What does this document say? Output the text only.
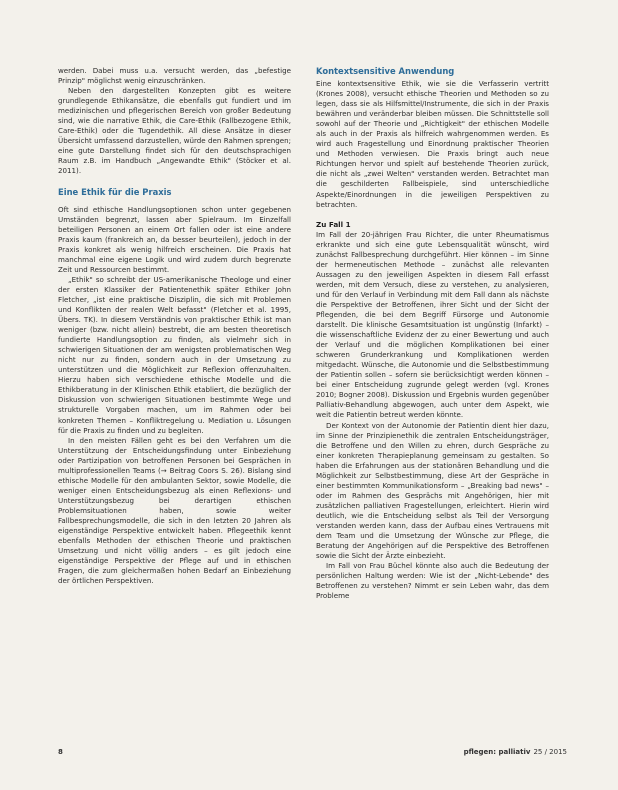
werden. Dabei muss u.a. versucht werden, das „befestige Prinzip" möglichst wenig einzuschränken.

Neben den dargestellten Konzepten gibt es weitere grundlegende Ethikansätze, die ebenfalls gut fundiert und im medizinischen und pflegerischen Bereich von großer Bedeutung sind, wie die narrative Ethik, die Care-Ethik (Fallbezogene Ethik, Care-Ethik) oder die Tugendethik. All diese Ansätze in dieser Übersicht umfassend darzustellen, würde den Rahmen sprengen; eine gute Darstellung findet sich für den deutschsprachigen Raum z.B. im Handbuch „Angewandte Ethik" (Stöcker et al. 2011).

Eine Ethik für die Praxis

Oft sind ethische Handlungsoptionen schon unter gegebenen Umständen begrenzt, lassen aber Spielraum. Im Einzelfall beteiligen Personen an einem Ort fallen oder ist eine andere Praxis kaum (frankreich an, da besser beurteilen), jedoch in der Praxis konkret als wenig hilfreich erscheinen. Die Praxis hat manchmal eine eigene Logik und wird zudem durch begrenzte Zeit und Ressourcen bestimmt.

„Ethik" so schreibt der US-amerikanische Theologe und einer der ersten Klassiker der Patientenethik später Ethiker John Fletcher, „ist eine praktische Disziplin, die sich mit Problemen und Konflikten der realen Welt befasst" (Fletcher et al. 1995, Übers. TK). In diesem Verständnis von praktischer Ethik ist man weniger (bzw. nicht allein) bestrebt, die am besten theoretisch fundierte Handlungsoption zu finden, als vielmehr sich in schwierigen Situationen der am wenigsten problematischen Weg nicht nur zu finden, sondern auch in der Umsetzung zu unterstützen und die Möglichkeit zur Reflexion offenzuhalten. Hierzu haben sich verschiedene ethische Modelle und die Ethikberatung in der Klinischen Ethik etabliert, die bezüglich der Diskussion von schwierigen Situationen bestimmte Wege und strukturelle Vorgaben machen, um im Rahmen oder bei konkreten Themen – Konfliktregelung u. Mediation u. Lösungen für die Praxis zu finden und zu begleiten.

In den meisten Fällen geht es bei den Verfahren um die Unterstützung der Entscheidungsfindung unter Einbeziehung oder Partizipation von betroffenen Personen bei Gesprächen in multiprofessionellen Teams (→ Beitrag Coors S. 26). Bislang sind ethische Modelle für den ambulanten Sektor, sowie Modelle, die weniger einen Entscheidungsbezug als einen Reflexions- und Unterstützungsbezug bei derartigen ethischen Problemsituationen haben, sowie weiter Fallbesprechungsmodelle, die sich in den letzten 20 Jahren als eigenständige Perspektive entwickelt haben. Pflegeethik kennt ebenfalls Methoden der ethischen Theorie und praktischen Umsetzung und nicht völlig anders – es gilt jedoch eine eigenständige Perspektive der Pflege auf und in ethischen Fragen, die zum gleichermaßen hohen Bedarf an Einbeziehung der örtlichen Perspektiven.

Kontextsensitive Anwendung

Eine kontextsensitive Ethik, wie sie die Verfasserin vertritt (Krones 2008), versucht ethische Theorien und Methoden so zu legen, dass sie als Hilfsmittel/Instrumente, die sich in der Praxis bewähren und veränderbar bleiben müssen. Die Schnittstelle soll sowohl auf der Theorie und „Richtigkeit" der ethischen Modelle als auch in der Praxis als hilfreich wahrgenommen werden. Es wird auch Fragestellung und Einordnung praktischer Theorien und Methoden verwiesen. Die Praxis bringt auch neue Richtungen hervor und spielt auf bestehende Theorien zurück, die nicht als „zwei Welten" verstanden werden. Betrachtet man die geschilderten Fallbeispiele, sind unterschiedliche Aspekte/Einordnungen in die jeweiligen Perspektiven zu betrachten.

Zu Fall 1

Im Fall der 20-jährigen Frau Richter, die unter Rheumatismus erkrankte und sich eine gute Lebensqualität wünscht, wird zunächst Fallbesprechung durchgeführt. Hier können – im Sinne der hermeneutischen Methode – zunächst alle relevanten Aussagen zu den jeweiligen Aspekten in diesem Fall erfasst werden, mit dem Versuch, diese zu verstehen, zu analysieren, und für den Verlauf in Verbindung mit dem Fall dann als nächste die Perspektive der Betroffenen, ihrer Sicht und der Sicht der Pflegenden, die bei dem Begriff Fürsorge und Autonomie darstellt. Die klinische Gesamtsituation ist ungünstig (Infarkt) – die wissenschaftliche Evidenz der zu einer Bewertung und auch der Verlauf und die möglichen Komplikationen bei einer schweren Grunderkrankung und Komplikationen werden mitgedacht. Wünsche, die Autonomie und die Selbstbestimmung der Patientin sollen – sofern sie berücksichtigt werden können – bei einer Entscheidung zugrunde gelegt werden (vgl. Krones 2010; Bogner 2008). Diskussion und Ergebnis wurden gegenüber Palliativ-Behandlung abgewogen, auch unter dem Aspekt, wie weit die Patientin betreut werden könnte.

Der Kontext von der Autonomie der Patientin dient hier dazu, im Sinne der Prinzipienethik die zentralen Entscheidungsträger, die Betroffene und den Willen zu ehren, durch Gespräche zu einer konkreten Therapieplanung gemeinsam zu gestalten. So haben die Erfahrungen aus der stationären Behandlung und die Möglichkeit zur Selbstbestimmung, diese Art der Gespräche in einer bestimmten Kommunikationsform – „Breaking bad news" – oder im Rahmen des Gesprächs mit Angehörigen, hier mit zusätzlichen palliativen Fragestellungen, erleichtert. Hierin wird deutlich, wie die Entscheidung selbst als Teil der Versorgung verstanden werden kann, dass der Aufbau eines Vertrauens mit dem Team und die Umsetzung der Wünsche zur Pflege, die Beratung der Angehörigen auf die Perspektive des Betroffenen sowie die Sicht der Ärzte einbezieht.

Im Fall von Frau Büchel könnte also auch die Bedeutung der persönlichen Haltung werden: Wie ist der „Nicht-Lebende" des Betroffenen zu verstehen? Nimmt er sein Leben wahr, das dem Probleme

8	pflegen: palliativ 25 / 2015
